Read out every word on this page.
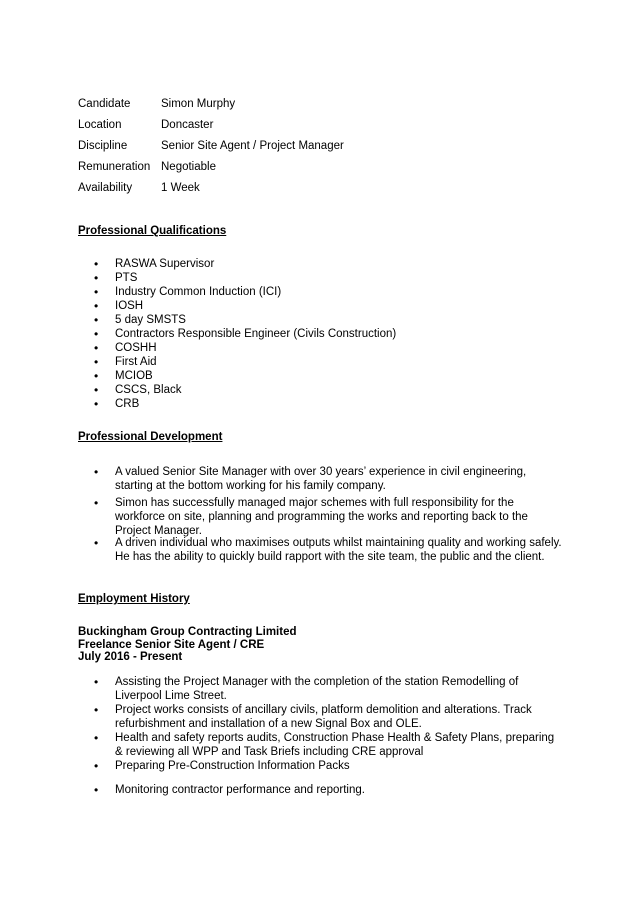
Candidate	Simon Murphy
Location	Doncaster
Discipline	Senior Site Agent / Project Manager
Remuneration Negotiable
Availability	1 Week
Professional Qualifications
• RASWA Supervisor
• PTS
• Industry Common Induction (ICI)
• IOSH
• 5 day SMSTS
• Contractors Responsible Engineer (Civils Construction)
• COSHH
• First Aid
• MCIOB
• CSCS, Black
• CRB
Professional Development
• A valued Senior Site Manager with over 30 years’ experience in civil engineering, starting at the bottom working for his family company.
• Simon has successfully managed major schemes with full responsibility for the workforce on site, planning and programming the works and reporting back to the Project Manager.
• A driven individual who maximises outputs whilst maintaining quality and working safely. He has the ability to quickly build rapport with the site team, the public and the client.
Employment History
Buckingham Group Contracting Limited
Freelance Senior Site Agent / CRE
July 2016 - Present
• Assisting the Project Manager with the completion of the station Remodelling of Liverpool Lime Street.
• Project works consists of ancillary civils, platform demolition and alterations. Track refurbishment and installation of a new Signal Box and OLE.
• Health and safety reports audits, Construction Phase Health & Safety Plans, preparing & reviewing all WPP and Task Briefs including CRE approval
• Preparing Pre-Construction Information Packs
• Monitoring contractor performance and reporting.
